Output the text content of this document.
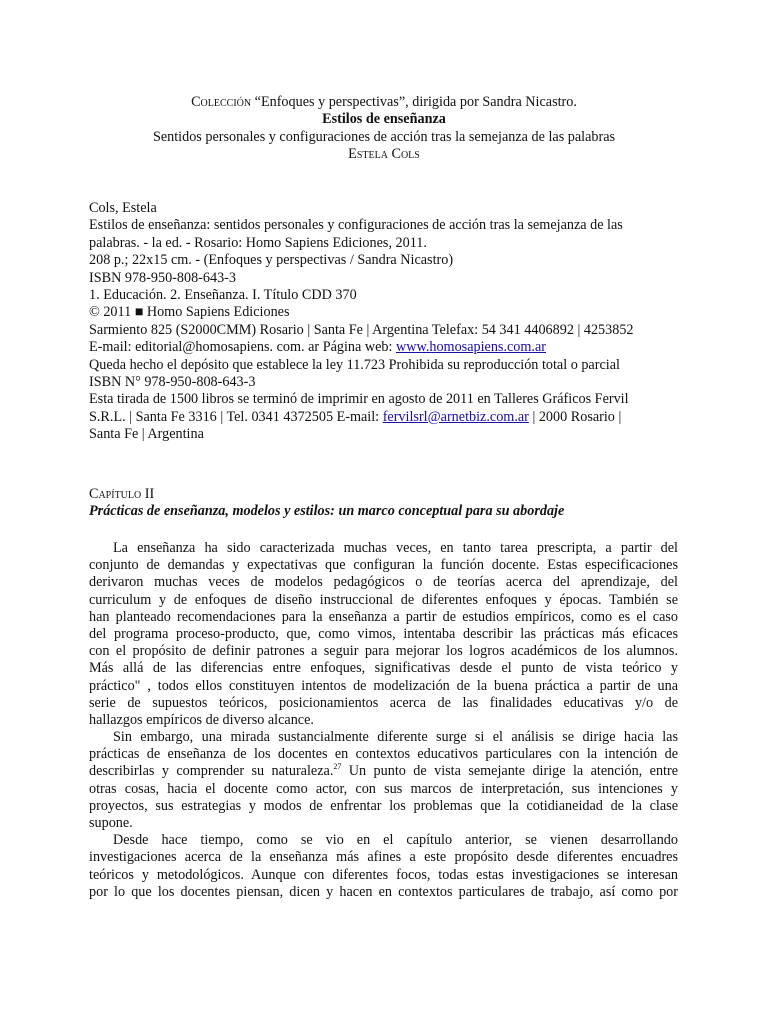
Colección “Enfoques y perspectivas”, dirigida por Sandra Nicastro.
Estilos de enseñanza
Sentidos personales y configuraciones de acción tras la semejanza de las palabras
Estela Cols
Cols, Estela
Estilos de enseñanza: sentidos personales y configuraciones de acción tras la semejanza de las
palabras. - la ed. - Rosario: Homo Sapiens Ediciones, 2011.
208 p.; 22x15 cm. - (Enfoques y perspectivas / Sandra Nicastro)
ISBN 978-950-808-643-3
1. Educación. 2. Enseñanza. I. Título CDD 370
© 2011 ■ Homo Sapiens Ediciones
Sarmiento 825 (S2000CMM) Rosario | Santa Fe | Argentina Telefax: 54 341 4406892 | 4253852
E-mail: editorial@homosapiens. com. ar Página web: www.homosapiens.com.ar
Queda hecho el depósito que establece la ley 11.723 Prohibida su reproducción total o parcial
ISBN N° 978-950-808-643-3
Esta tirada de 1500 libros se terminó de imprimir en agosto de 2011 en Talleres Gráficos Fervil
S.R.L. | Santa Fe 3316 | Tel. 0341 4372505 E-mail: fervilsrl@arnetbiz.com.ar | 2000 Rosario |
Santa Fe | Argentina
Capítulo II
Prácticas de enseñanza, modelos y estilos: un marco conceptual para su abordaje
La enseñanza ha sido caracterizada muchas veces, en tanto tarea prescripta, a partir del
conjunto de demandas y expectativas que configuran la función docente. Estas especificaciones
derivaron muchas veces de modelos pedagógicos o de teorías acerca del aprendizaje, del
curriculum y de enfoques de diseño instruccional de diferentes enfoques y épocas. También se
han planteado recomendaciones para la enseñanza a partir de estudios empíricos, como es el caso
del programa proceso-producto, que, como vimos, intentaba describir las prácticas más eficaces
con el propósito de definir patrones a seguir para mejorar los logros académicos de los alumnos.
Más allá de las diferencias entre enfoques, significativas desde el punto de vista teórico y
práctico" , todos ellos constituyen intentos de modelización de la buena práctica a partir de una
serie de supuestos teóricos, posicionamientos acerca de las finalidades educativas y/o de
hallazgos empíricos de diverso alcance.
Sin embargo, una mirada sustancialmente diferente surge si el análisis se dirige hacia las
prácticas de enseñanza de los docentes en contextos educativos particulares con la intención de
describirlas y comprender su naturaleza.$^{27}$ Un punto de vista semejante dirige la atención, entre
otras cosas, hacia el docente como actor, con sus marcos de interpretación, sus intenciones y
proyectos, sus estrategias y modos de enfrentar los problemas que la cotidianeidad de la clase
supone.
Desde hace tiempo, como se vio en el capítulo anterior, se vienen desarrollando
investigaciones acerca de la enseñanza más afines a este propósito desde diferentes encuadres
teóricos y metodológicos. Aunque con diferentes focos, todas estas investigaciones se interesan
por lo que los docentes piensan, dicen y hacen en contextos particulares de trabajo, así como por
